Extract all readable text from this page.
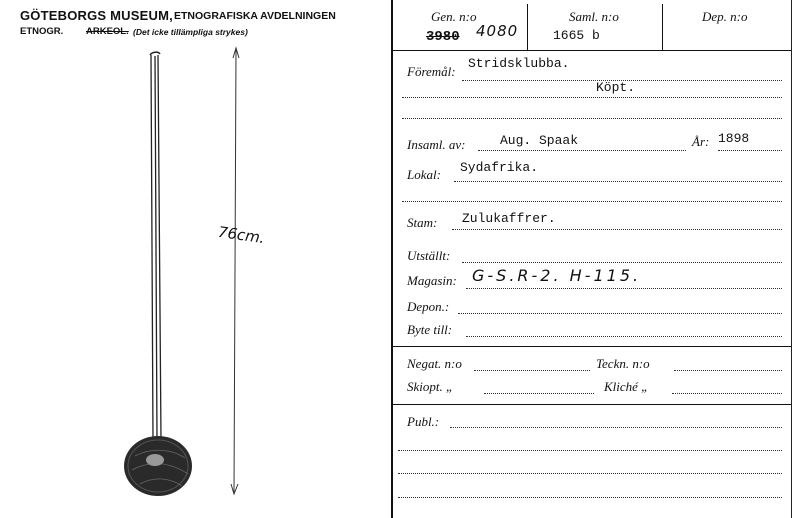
GÖTEBORGS MUSEUM, ETNOGRAFISKA AVDELNINGEN
ETNOGR. ARKEOL. (Det icke tillämpliga strykes)
76cm.
Gen. n:o
3980 4080
Saml. n:o
1665 b
Dep. n:o
Föremål:
Stridsklubba.
Köpt.
Insaml. av:	Aug. Spaak	År: 1898
Lokal: Sydafrika.
Stam: Zulukaffrer.
Utställt:
Magasin: G-S.R-2. H-115.
Depon.:
Byte till:
Negat. n:o	Teckn. n:o
Skiopt. „	Kliché „
Publ.:
